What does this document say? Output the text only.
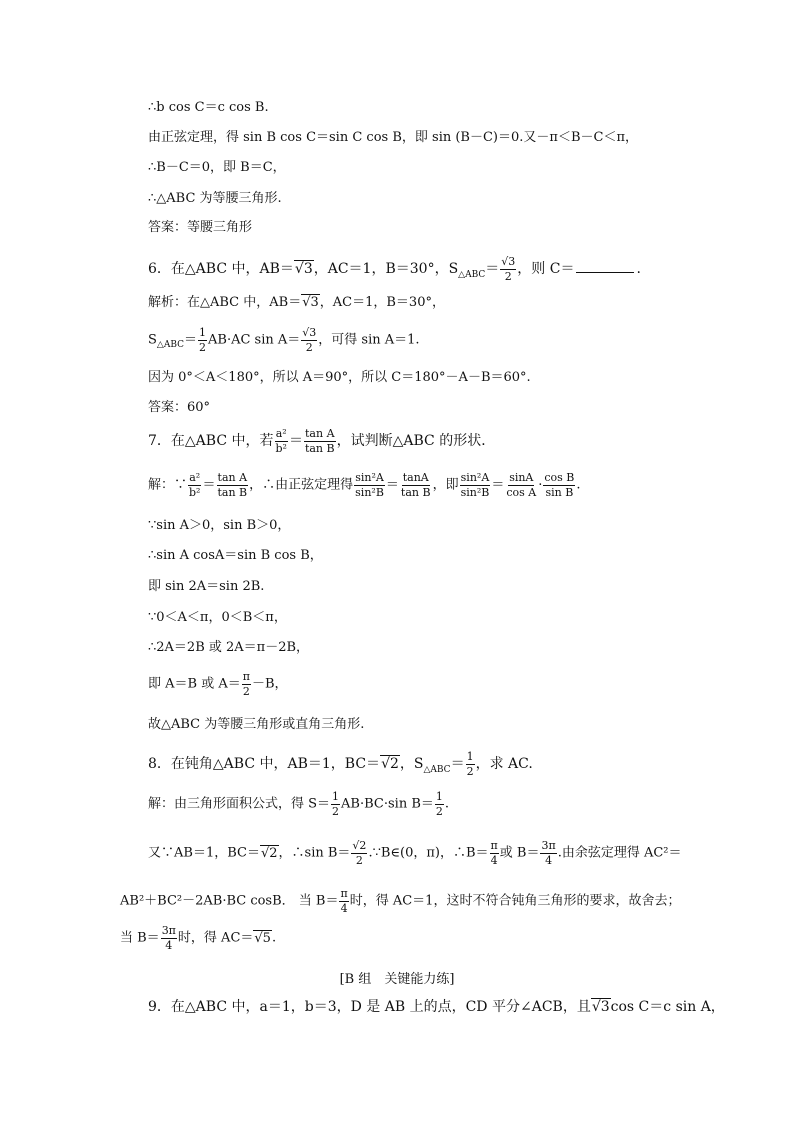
∴b cos C＝c cos B.
由正弦定理，得 sin B cos C＝sin C cos B，即 sin (B－C)＝0.又－π＜B－C＜π，
∴B－C＝0，即 B＝C，
∴△ABC 为等腰三角形.
答案：等腰三角形
6．在△ABC 中，AB＝√3，AC＝1，B＝30°，$S_{\triangle ABC}= \frac{√3}{2}$ ，则 C＝	.
解析：在△ABC 中，AB＝√3，AC＝1，B＝30°，
$S_{\triangle ABC}= \frac{1}{2} AB\cdot AC$ $\sin A= \frac{√3}{2}$ ，可得 sin A＝1.
因为 0°＜A＜180°，所以 A＝90°，所以 C＝180°－A－B＝60°.
答案：60°
7．在△ABC 中，若 $\frac{\text{a²}}{\text{b²}} = \frac{\text{tan A}}{\text{tan B}}$ ，试判断△ABC 的形状．
解：∵ $\frac{\text{a²}}{\text{b²}} = \frac{\text{tan A}}{\text{tan B}}$ ，∴由正弦定理得 $\frac{\text{sin²A}}{\text{sin²B}} = \frac{\tan A}{\text{tan B}}$ ，即 $\frac{\text{sin²A}}{\text{sin²B}} = \frac{\sin A}{\text{cos A}} \cdot \frac{\text{cos B}}{\text{sin B}}$ .
∵sin A＞0，sin B＞0，
∴sin A cosA＝sin B cos B，
即 sin 2A＝sin 2B.
∵0＜A＜π，0＜B＜π，
∴2A＝2B 或 2A＝π－2B，
即 A＝B 或 $A= \frac{\pi}{2} -B$，
故△ABC 为等腰三角形或直角三角形.
8．在钝角△ABC 中，AB＝1，BC＝√2，$S_{\triangle ABC}= \frac{1}{2}$ ，求 AC.
解：由三角形面积公式，得 $S= \frac{1}{2} AB\cdot BC\cdot\sin$ $B= \frac{1}{2}$ .
又∵AB＝1，BC＝√2，∴sin $B= \frac{√2}{2}$ .∵B∈(0，π)，∴B＝ $\frac{\pi}{4}$ 或 $B= \frac{3\pi}{4}$ .由余弦定理得 AC²＝
AB²＋BC²－2AB·BC cosB． 当 $B= \frac{\pi}{4}$ 时，得 AC＝1，这时不符合钝角三角形的要求，故舍去；
当 $B= \frac{3\pi}{4}$ 时，得 AC＝√5.
[B 组　关键能力练]
9．在△ABC 中，a＝1，b＝3，D 是 AB 上的点，CD 平分∠ACB，且√3cos C＝c sin A，
